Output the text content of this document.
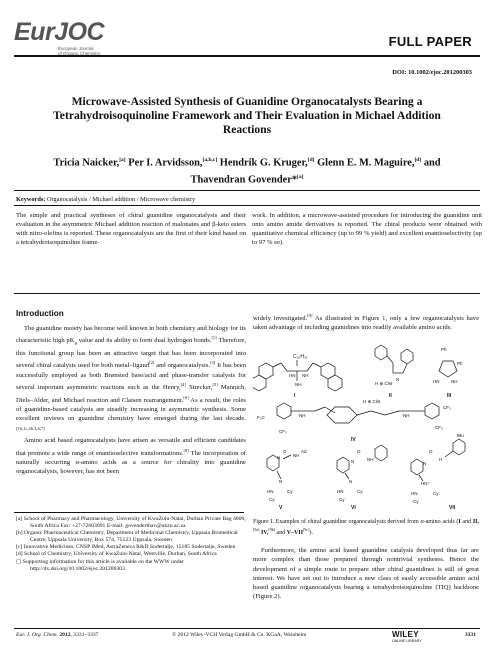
EurJOC
European Journal
of Organic Chemistry
FULL PAPER
DOI: 10.1002/ejoc.201200303
Microwave-Assisted Synthesis of Guanidine Organocatalysts Bearing a Tetrahydroisoquinoline Framework and Their Evaluation in Michael Addition Reactions
Tricia Naicker,[a] Per I. Arvidsson,[a,b,c] Hendrik G. Kruger,[d] Glenn E. M. Maguire,[d] and Thavendran Govender*[a]
Keywords: Organocatalysis / Michael addition / Microwave chemistry
The simple and practical syntheses of chiral guanidine organocatalysts and their evaluation in the asymmetric Michael addition reaction of malonates and β-keto esters with nitro-olefins is reported. These organocatalysts are the first of their kind based on a tetrahydroisoquinoline frame-
work. In addition, a microwave-assisted procedure for introducing the guanidine unit onto amino amide derivatives is reported. The chiral products were obtained with quantitative chemical efficiency (up to 99 % yield) and excellent enantioselectivity (up to 97 % ee).
Introduction

The guanidine moiety has become well known in both chemistry and biology for its characteristic high $pK_a$ value and its ability to form dual hydrogen bonds.[1] Therefore, this functional group has been an attractive target that has been incorporated into several chiral catalysts used for both metal–ligand[2] and organocatalysis.[3] It has been successfully employed as both Brønsted base/acid and phase-transfer catalysts for several important asymmetric reactions such as the Henry,[4] Strecker,[5] Mannich, Diels–Alder, and Michael reaction and Claisen rearrangement.[6] As a result, the roles of guanidine-based catalysts are steadily increasing in asymmetric synthesis. Some excellent reviews on guanidine chemistry have emerged during the last decade.[1b,1c,2b,3,6,7]

Amino acid based organocatalysts have arisen as versatile and efficient candidates that promote a wide range of enantioselective transformations.[8] The incorporation of naturally occurring α-amino acids as a source for chirality into guanidine organocatalysts, however, has not been

[a] School of Pharmacy and Pharmacology, University of KwaZulu-Natal, Durban Private Bag 4000, South Africa Fax: +27-72603091 E-mail: govenderthav@ukzn.ac.za
[b] Organic Pharmaceutical Chemistry, Department of Medicinal Chemistry, Uppsala Biomedical Centre, Uppsala University, Box 574, 75123 Uppsala, Sweden
[c] Innovative Medicines, CNSP iMed, AstraZeneca R&D Sodertalje, 15185 Sodertalje, Sweden
[d] School of Chemistry, University of KwaZulu-Natal, Westville, Durban, South Africa
▢ Supporting information for this article is available on the WWW under http://dx.doi.org/10.1002/ejoc.201200303.

widely investigated.[9] As illustrated in Figure 1, only a few organocatalysts have taken advantage of including guanidines into readily available amino acids.

HN NH
NH
C₁₀H₂₁
I
H ⊕ Cl⊖
N
II
Ph
Ph
HN	NH
III
F₃C
CF₃
NH
H ⊕ Cl⊖
NH
CF₃
CF₃
IV
N
O
NH
Ad
N
HN	Cy
Cy
V
N
O
NH
N
HN	Cy
Cy
VI
tBu
N
O
H
HN⁺
HN	Cy
Cy
VII
Figure I. Examples of chiral guanidine organocatalysts derived from α-amino acids (I and II,[9a] IV,[9b] and V–VII[9c]).

Furthermore, the amino acid based guanidine catalysts developed thus far are more complex than those prepared through nontrivial syntheses. Hence the development of a simple route to prepare other chiral guanidines is still of great interest. We have set out to introduce a new class of easily accessible amino acid based guanidine organocatalysts bearing a tetrahydroisoquinoline (TIQ) backbone (Figure 2).

Eur. J. Org. Chem. 2012, 3331–3337	© 2012 Wiley-VCH Verlag GmbH & Co. KGaA, Weinheim	WILEY
ONLINE LIBRARY
3331
